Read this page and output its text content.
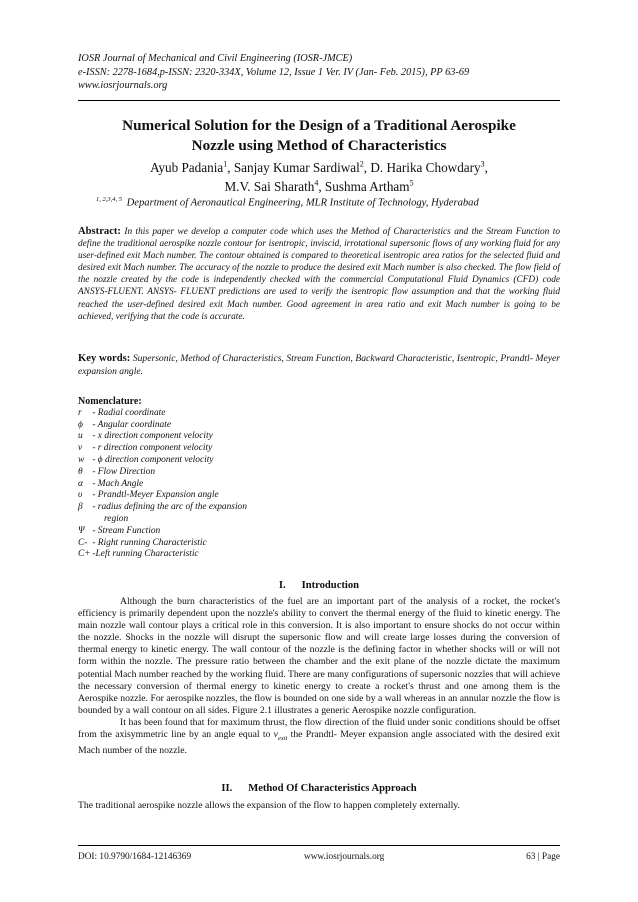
IOSR Journal of Mechanical and Civil Engineering (IOSR-JMCE)
e-ISSN: 2278-1684,p-ISSN: 2320-334X, Volume 12, Issue 1 Ver. IV (Jan- Feb. 2015), PP 63-69
www.iosrjournals.org
Numerical Solution for the Design of a Traditional Aerospike
Nozzle using Method of Characteristics
Ayub Padania$^1$, Sanjay Kumar Sardiwal$^2$, D. Harika Chowdary$^3$,
M.V. Sai Sharath$^4$, Sushma Artham$^5$
$^{1, 2,3,4, 5}$ Department of Aeronautical Engineering, MLR Institute of Technology, Hyderabad
Abstract: In this paper we develop a computer code which uses the Method of Characteristics and the Stream Function to define the traditional aerospike nozzle contour for isentropic, inviscid, irrotational supersonic flows of any working fluid for any user-defined exit Mach number. The contour obtained is compared to theoretical isentropic area ratios for the selected fluid and desired exit Mach number. The accuracy of the nozzle to produce the desired exit Mach number is also checked. The flow field of the nozzle created by the code is independently checked with the commercial Computational Fluid Dynamics (CFD) code ANSYS-FLUENT. ANSYS- FLUENT predictions are used to verify the isentropic flow assumption and that the working fluid reached the user-defined desired exit Mach number. Good agreement in area ratio and exit Mach number is going to be achieved, verifying that the code is accurate.
Key words: Supersonic, Method of Characteristics, Stream Function, Backward Characteristic, Isentropic, Prandtl- Meyer expansion angle.
Nomenclature:
r - Radial coordinate
ϕ - Angular coordinate
u - x direction component velocity
v - r direction component velocity
w - ϕ direction component velocity
θ - Flow Direction
α - Mach Angle
υ - Prandtl-Meyer Expansion angle
β - radius defining the arc of the expansion
region
Ψ - Stream Function
C- - Right running Characteristic
C+ -Left running Characteristic
I.      Introduction

Although the burn characteristics of the fuel are an important part of the analysis of a rocket, the rocket's efficiency is primarily dependent upon the nozzle's ability to convert the thermal energy of the fluid to kinetic energy. The main nozzle wall contour plays a critical role in this conversion. It is also important to ensure shocks do not occur within the nozzle. Shocks in the nozzle will disrupt the supersonic flow and will create large losses during the conversion of thermal energy to kinetic energy. The wall contour of the nozzle is the defining factor in whether shocks will or will not form within the nozzle. The pressure ratio between the chamber and the exit plane of the nozzle dictate the maximum potential Mach number reached by the working fluid. There are many configurations of supersonic nozzles that will achieve the necessary conversion of thermal energy to kinetic energy to create a rocket's thrust and one among them is the Aerospike nozzle. For aerospike nozzles, the flow is bounded on one side by a wall whereas in an annular nozzle the flow is bounded by a wall contour on all sides. Figure 2.1 illustrates a generic Aerospike nozzle configuration.

It has been found that for maximum thrust, the flow direction of the fluid under sonic conditions should be offset from the axisymmetric line by an angle equal to $\nu_{exit}$ the Prandtl- Meyer expansion angle associated with the desired exit Mach number of the nozzle.

II.      Method Of Characteristics Approach
The traditional aerospike nozzle allows the expansion of the flow to happen completely externally.
DOI: 10.9790/1684-12146369	www.iosrjournals.org	63 | Page
